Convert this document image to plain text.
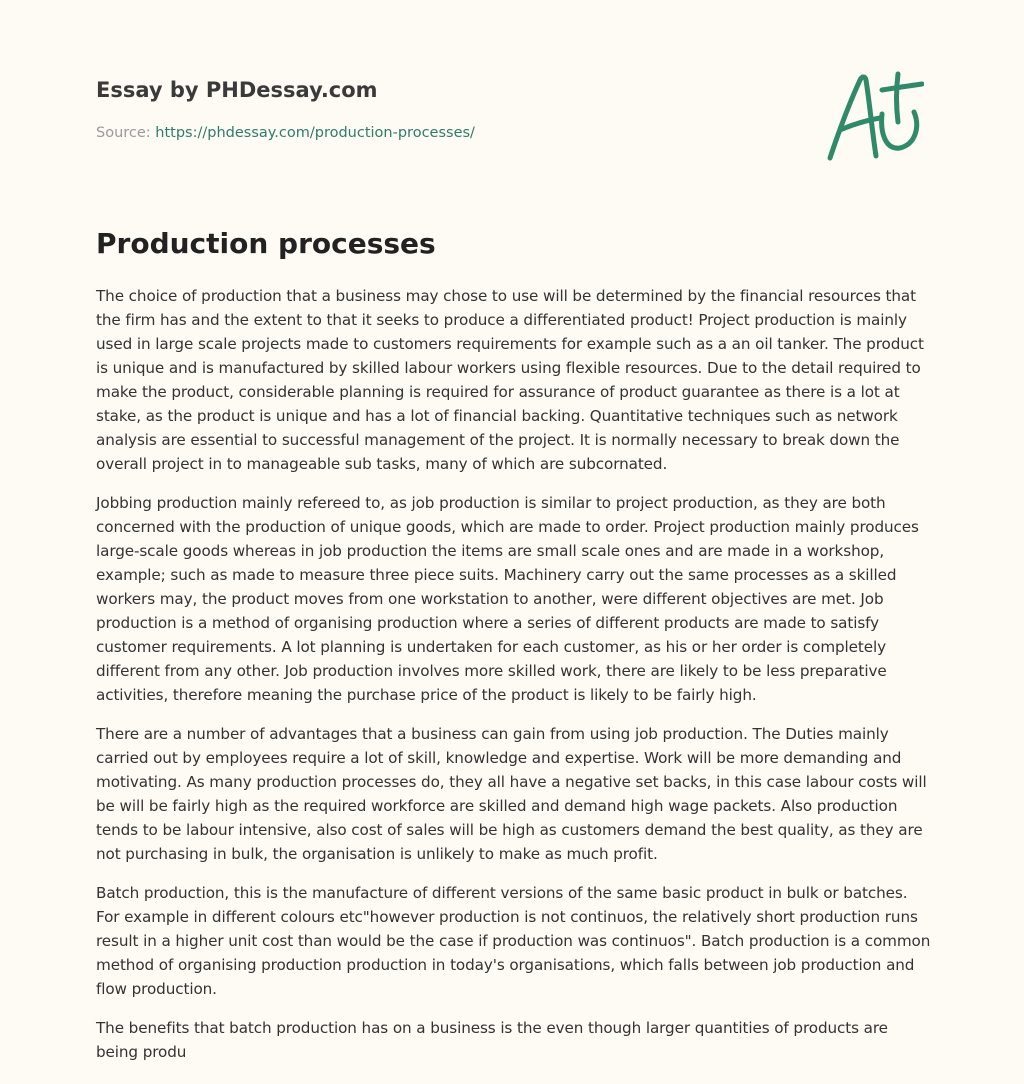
Essay by PHDessay.com
Source: https://phdessay.com/production-processes/
Production processes

The choice of production that a business may chose to use will be determined by the financial resources that the firm has and the extent to that it seeks to produce a differentiated product! Project production is mainly used in large scale projects made to customers requirements for example such as a an oil tanker. The product is unique and is manufactured by skilled labour workers using flexible resources. Due to the detail required to make the product, considerable planning is required for assurance of product guarantee as there is a lot at stake, as the product is unique and has a lot of financial backing. Quantitative techniques such as network analysis are essential to successful management of the project. It is normally necessary to break down the overall project in to manageable sub tasks, many of which are subcornated.

Jobbing production mainly refereed to, as job production is similar to project production, as they are both concerned with the production of unique goods, which are made to order. Project production mainly produces large-scale goods whereas in job production the items are small scale ones and are made in a workshop, example; such as made to measure three piece suits. Machinery carry out the same processes as a skilled workers may, the product moves from one workstation to another, were different objectives are met. Job production is a method of organising production where a series of different products are made to satisfy customer requirements. A lot planning is undertaken for each customer, as his or her order is completely different from any other. Job production involves more skilled work, there are likely to be less preparative activities, therefore meaning the purchase price of the product is likely to be fairly high.

There are a number of advantages that a business can gain from using job production. The Duties mainly carried out by employees require a lot of skill, knowledge and expertise. Work will be more demanding and motivating. As many production processes do, they all have a negative set backs, in this case labour costs will be will be fairly high as the required workforce are skilled and demand high wage packets. Also production tends to be labour intensive, also cost of sales will be high as customers demand the best quality, as they are not purchasing in bulk, the organisation is unlikely to make as much profit.

Batch production, this is the manufacture of different versions of the same basic product in bulk or batches. For example in different colours etc"however production is not continuos, the relatively short production runs result in a higher unit cost than would be the case if production was continuos". Batch production is a common method of organising production production in today's organisations, which falls between job production and flow production.

The benefits that batch production has on a business is the even though larger quantities of products are being produ
